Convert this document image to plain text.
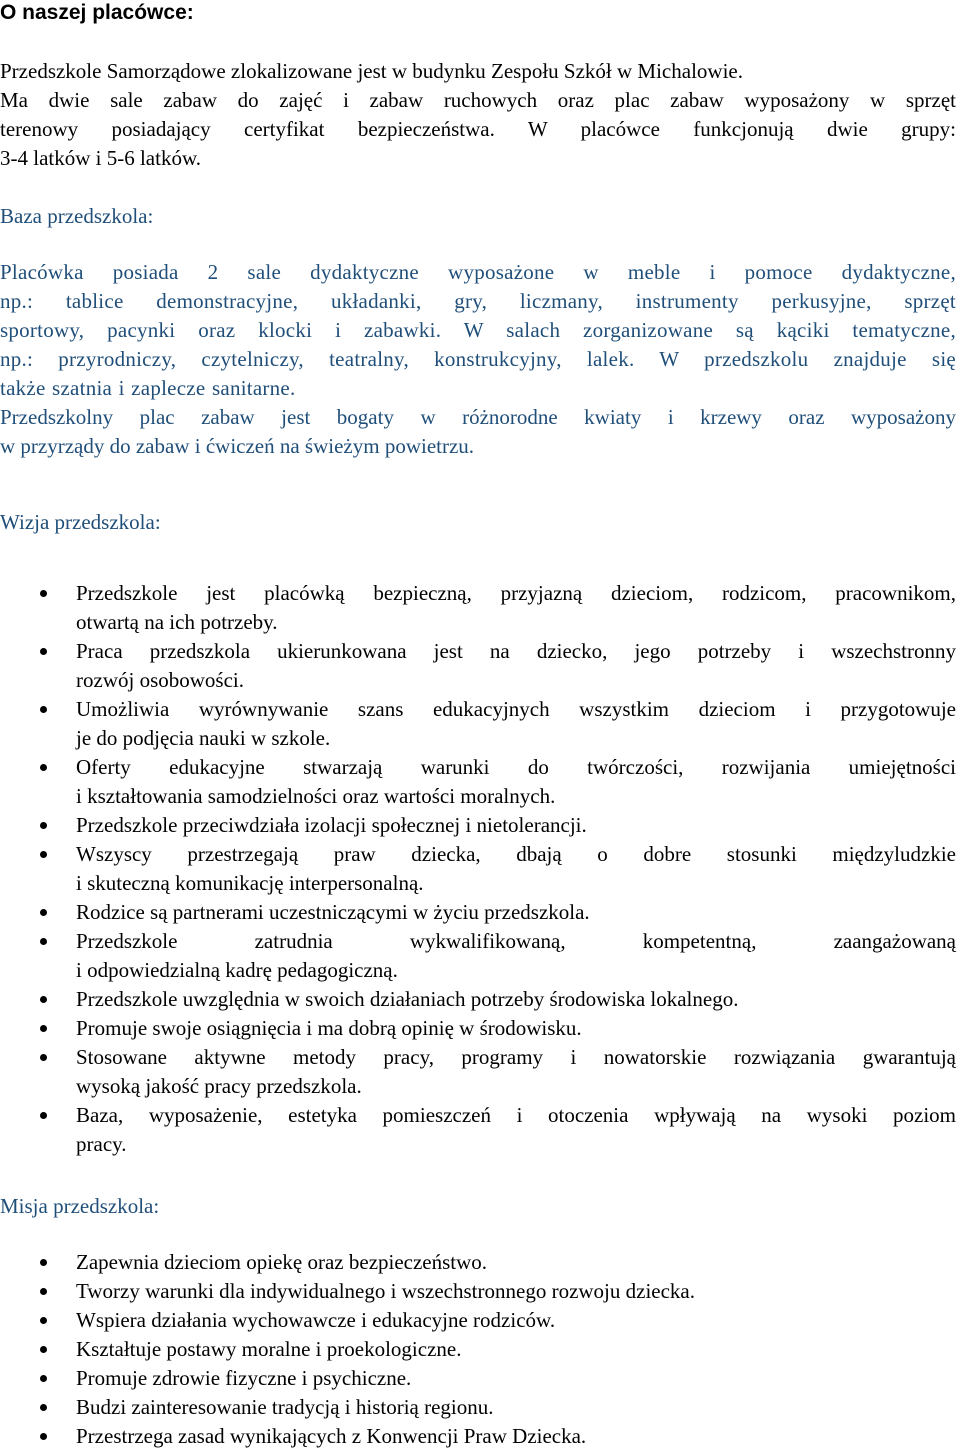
O naszej placówce:

Przedszkole Samorządowe zlokalizowane jest w budynku Zespołu Szkół w Michalowie.
Ma dwie sale zabaw do zajęć i zabaw ruchowych oraz plac zabaw wyposażony w sprzęt
terenowy posiadający certyfikat bezpieczeństwa. W placówce funkcjonują dwie grupy:
3-4 latków i 5-6 latków.

Baza przedszkola:

Placówka posiada 2 sale dydaktyczne wyposażone w meble i pomoce dydaktyczne,
np.: tablice demonstracyjne, układanki, gry, liczmany, instrumenty perkusyjne, sprzęt
sportowy, pacynki oraz klocki i zabawki. W salach zorganizowane są kąciki tematyczne,
np.: przyrodniczy, czytelniczy, teatralny, konstrukcyjny, lalek. W przedszkolu znajduje się
także szatnia i zaplecze sanitarne.

Przedszkolny plac zabaw jest bogaty w różnorodne kwiaty i krzewy oraz wyposażony
w przyrządy do zabaw i ćwiczeń na świeżym powietrzu.

Wizja przedszkola:
Przedszkole jest placówką bezpieczną, przyjazną dzieciom, rodzicom, pracownikom,
otwartą na ich potrzeby.
Praca przedszkola ukierunkowana jest na dziecko, jego potrzeby i wszechstronny
rozwój osobowości.
Umożliwia wyrównywanie szans edukacyjnych wszystkim dzieciom i przygotowuje
je do podjęcia nauki w szkole.
Oferty edukacyjne stwarzają warunki do twórczości, rozwijania umiejętności
i kształtowania samodzielności oraz wartości moralnych.
Przedszkole przeciwdziała izolacji społecznej i nietolerancji.
Wszyscy przestrzegają praw dziecka, dbają o dobre stosunki międzyludzkie
i skuteczną komunikację interpersonalną.
Rodzice są partnerami uczestniczącymi w życiu przedszkola.
Przedszkole zatrudnia wykwalifikowaną, kompetentną, zaangażowaną
i odpowiedzialną kadrę pedagogiczną.
Przedszkole uwzględnia w swoich działaniach potrzeby środowiska lokalnego.
Promuje swoje osiągnięcia i ma dobrą opinię w środowisku.
Stosowane aktywne metody pracy, programy i nowatorskie rozwiązania gwarantują
wysoką jakość pracy przedszkola.
Baza, wyposażenie, estetyka pomieszczeń i otoczenia wpływają na wysoki poziom
pracy.
Misja przedszkola:
Zapewnia dzieciom opiekę oraz bezpieczeństwo.
Tworzy warunki dla indywidualnego i wszechstronnego rozwoju dziecka.
Wspiera działania wychowawcze i edukacyjne rodziców.
Kształtuje postawy moralne i proekologiczne.
Promuje zdrowie fizyczne i psychiczne.
Budzi zainteresowanie tradycją i historią regionu.
Przestrzega zasad wynikających z Konwencji Praw Dziecka.
